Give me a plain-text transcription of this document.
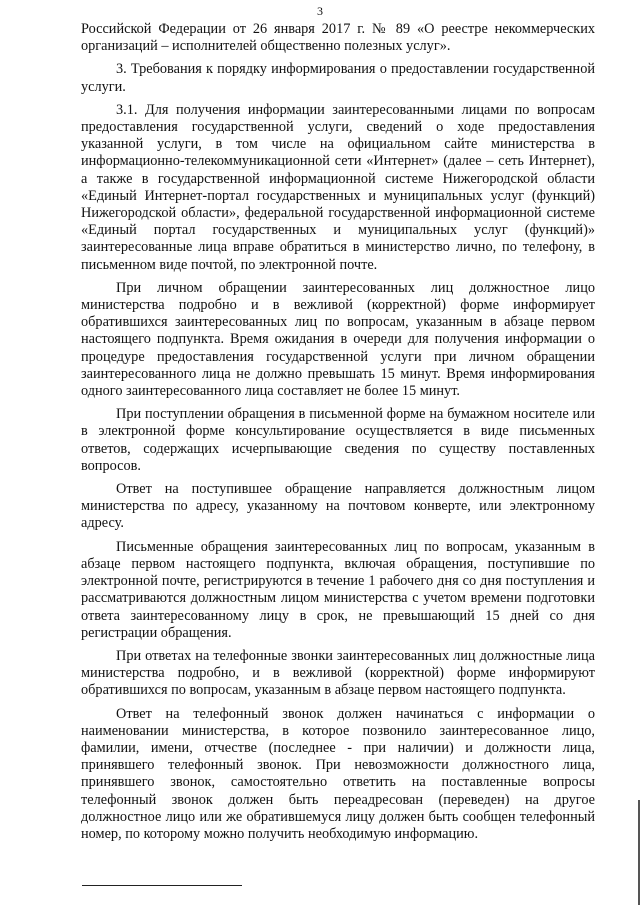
3

Российской Федерации от 26 января 2017 г. № 89 «О реестре некоммерческих организаций – исполнителей общественно полезных услуг».

3. Требования к порядку информирования о предоставлении государственной услуги.

3.1. Для получения информации заинтересованными лицами по вопросам предоставления государственной услуги, сведений о ходе предоставления указанной услуги, в том числе на официальном сайте министерства в информационно-телекоммуникационной сети «Интернет» (далее – сеть Интернет), а также в государственной информационной системе Нижегородской области «Единый Интернет-портал государственных и муниципальных услуг (функций) Нижегородской области», федеральной государственной информационной системе «Единый портал государственных и муниципальных услуг (функций)» заинтересованные лица вправе обратиться в министерство лично, по телефону, в письменном виде почтой, по электронной почте.

При личном обращении заинтересованных лиц должностное лицо министерства подробно и в вежливой (корректной) форме информирует обратившихся заинтересованных лиц по вопросам, указанным в абзаце первом настоящего подпункта. Время ожидания в очереди для получения информации о процедуре предоставления государственной услуги при личном обращении заинтересованного лица не должно превышать 15 минут. Время информирования одного заинтересованного лица составляет не более 15 минут.

При поступлении обращения в письменной форме на бумажном носителе или в электронной форме консультирование осуществляется в виде письменных ответов, содержащих исчерпывающие сведения по существу поставленных вопросов.

Ответ на поступившее обращение направляется должностным лицом министерства по адресу, указанному на почтовом конверте, или электронному адресу.

Письменные обращения заинтересованных лиц по вопросам, указанным в абзаце первом настоящего подпункта, включая обращения, поступившие по электронной почте, регистрируются в течение 1 рабочего дня со дня поступления и рассматриваются должностным лицом министерства с учетом времени подготовки ответа заинтересованному лицу в срок, не превышающий 15 дней со дня регистрации обращения.

При ответах на телефонные звонки заинтересованных лиц должностные лица министерства подробно, и в вежливой (корректной) форме информируют обратившихся по вопросам, указанным в абзаце первом настоящего подпункта.

Ответ на телефонный звонок должен начинаться с информации о наименовании министерства, в которое позвонило заинтересованное лицо, фамилии, имени, отчестве (последнее - при наличии) и должности лица, принявшего телефонный звонок. При невозможности должностного лица, принявшего звонок, самостоятельно ответить на поставленные вопросы телефонный звонок должен быть переадресован (переведен) на другое должностное лицо или же обратившемуся лицу должен быть сообщен телефонный номер, по которому можно получить необходимую информацию.
